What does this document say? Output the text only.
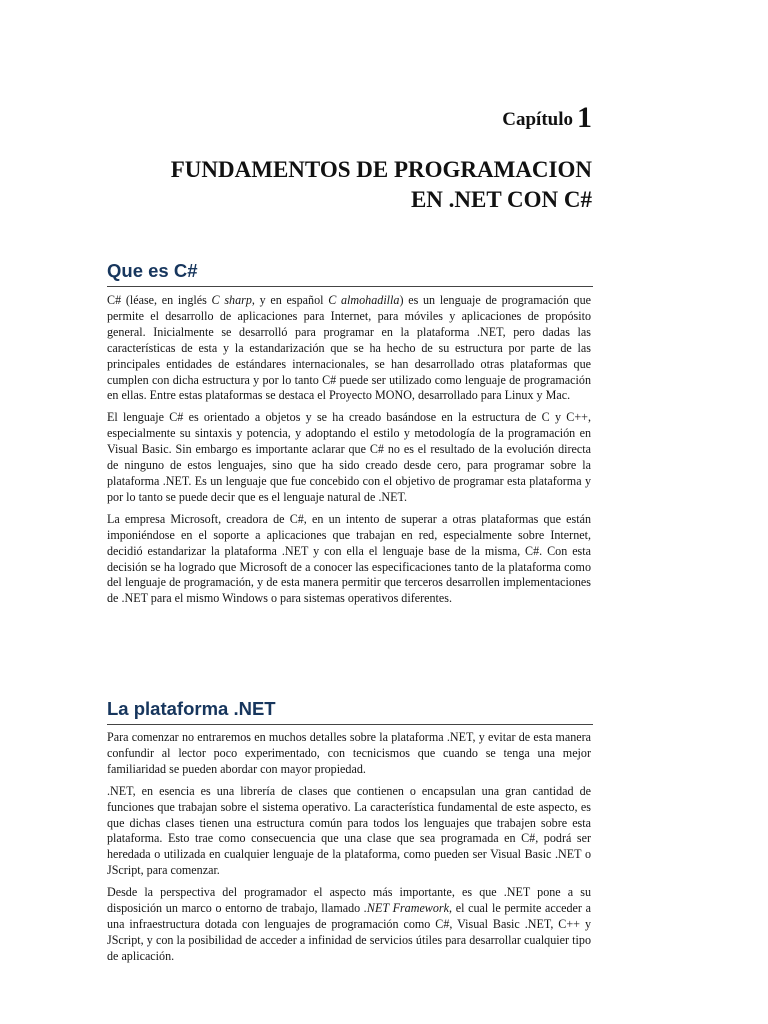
Capítulo 1
FUNDAMENTOS DE PROGRAMACION
EN .NET CON C#
Que es C#

C# (léase, en inglés C sharp, y en español C almohadilla) es un lenguaje de programación que permite el desarrollo de aplicaciones para Internet, para móviles y aplicaciones de propósito general. Inicialmente se desarrolló para programar en la plataforma .NET, pero dadas las características de esta y la estandarización que se ha hecho de su estructura por parte de las principales entidades de estándares internacionales, se han desarrollado otras plataformas que cumplen con dicha estructura y por lo tanto C# puede ser utilizado como lenguaje de programación en ellas. Entre estas plataformas se destaca el Proyecto MONO, desarrollado para Linux y Mac.

El lenguaje C# es orientado a objetos y se ha creado basándose en la estructura de C y C++, especialmente su sintaxis y potencia, y adoptando el estilo y metodología de la programación en Visual Basic. Sin embargo es importante aclarar que C# no es el resultado de la evolución directa de ninguno de estos lenguajes, sino que ha sido creado desde cero, para programar sobre la plataforma .NET. Es un lenguaje que fue concebido con el objetivo de programar esta plataforma y por lo tanto se puede decir que es el lenguaje natural de .NET.

La empresa Microsoft, creadora de C#, en un intento de superar a otras plataformas que están imponiéndose en el soporte a aplicaciones que trabajan en red, especialmente sobre Internet, decidió estandarizar la plataforma .NET y con ella el lenguaje base de la misma, C#. Con esta decisión se ha logrado que Microsoft de a conocer las especificaciones tanto de la plataforma como del lenguaje de programación, y de esta manera permitir que terceros desarrollen implementaciones de .NET para el mismo Windows o para sistemas operativos diferentes.

La plataforma .NET

Para comenzar no entraremos en muchos detalles sobre la plataforma .NET, y evitar de esta manera confundir al lector poco experimentado, con tecnicismos que cuando se tenga una mejor familiaridad se pueden abordar con mayor propiedad.

.NET, en esencia es una librería de clases que contienen o encapsulan una gran cantidad de funciones que trabajan sobre el sistema operativo. La característica fundamental de este aspecto, es que dichas clases tienen una estructura común para todos los lenguajes que trabajen sobre esta plataforma. Esto trae como consecuencia que una clase que sea programada en C#, podrá ser heredada o utilizada en cualquier lenguaje de la plataforma, como pueden ser Visual Basic .NET o JScript, para comenzar.

Desde la perspectiva del programador el aspecto más importante, es que .NET pone a su disposición un marco o entorno de trabajo, llamado .NET Framework, el cual le permite acceder a una infraestructura dotada con lenguajes de programación como C#, Visual Basic .NET, C++ y JScript, y con la posibilidad de acceder a infinidad de servicios útiles para desarrollar cualquier tipo de aplicación.
